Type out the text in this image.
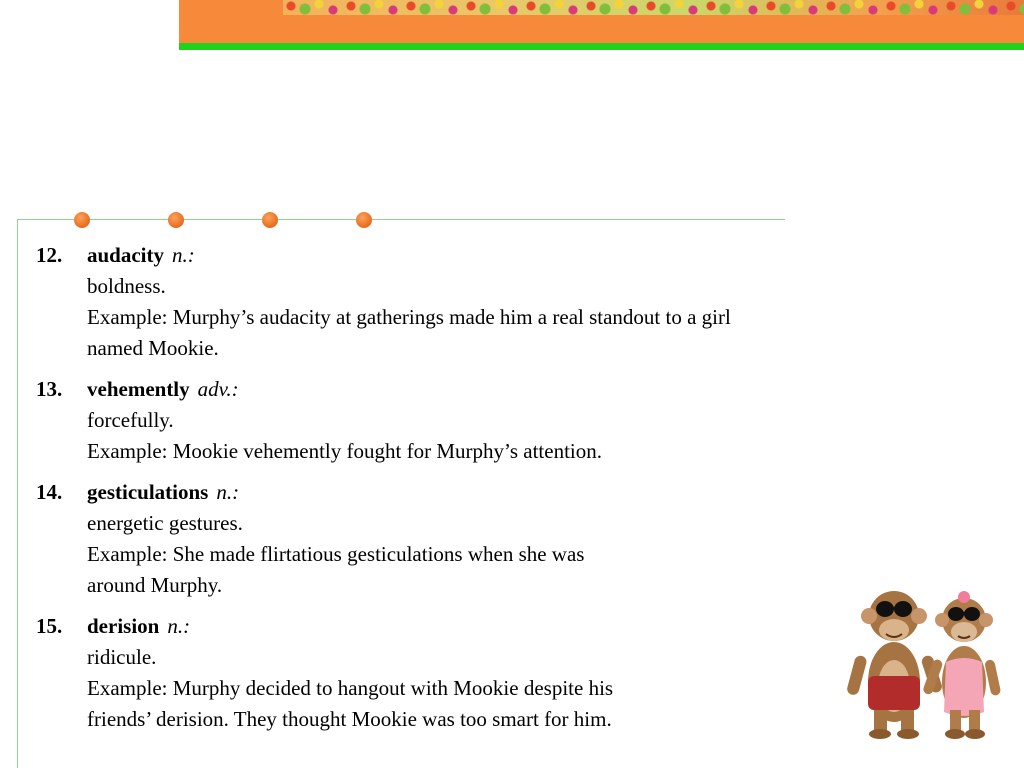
12. audacity n.:
boldness.
Example: Murphy’s audacity at gatherings made him a real standout to a girl
named Mookie.
13. vehemently adv.:
forcefully.
Example: Mookie vehemently fought for Murphy’s attention.
14. gesticulations n.:
energetic gestures.
Example: She made flirtatious gesticulations when she was
around Murphy.
15. derision n.:
ridicule.
Example: Murphy decided to hangout with Mookie despite his
friends’ derision. They thought Mookie was too smart for him.
